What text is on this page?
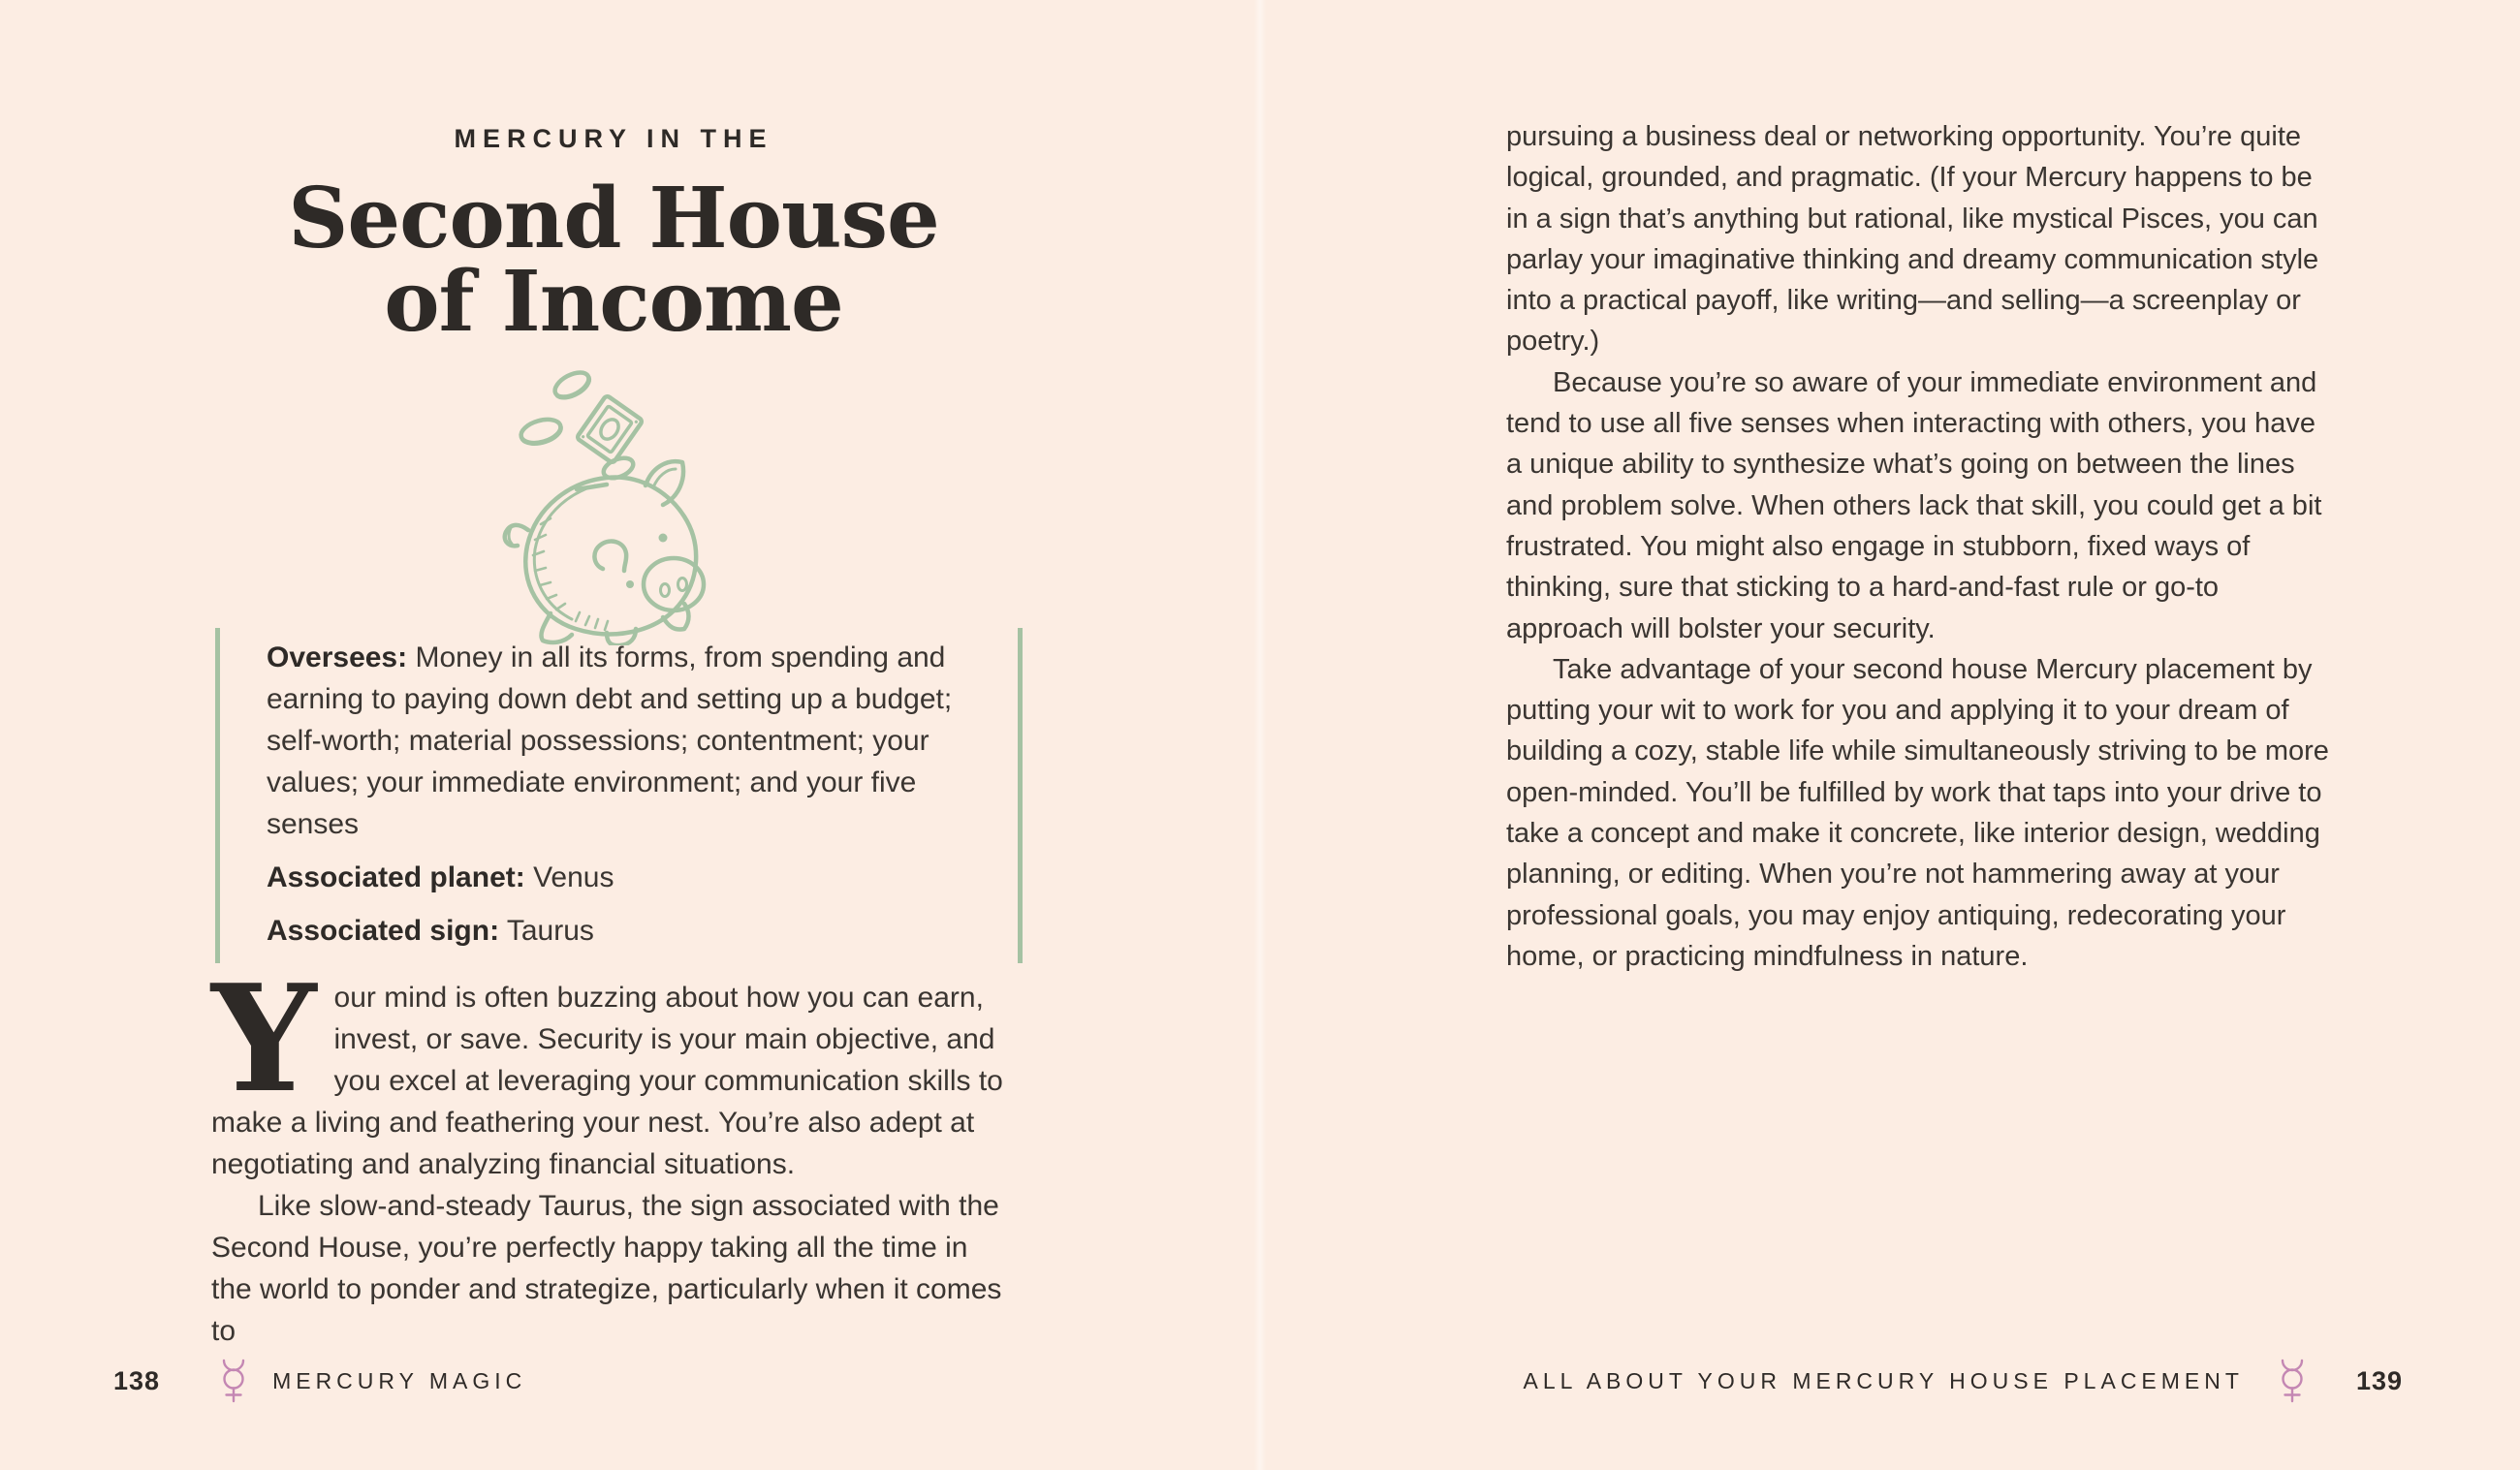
MERCURY IN THE
Second House
of Income

Oversees: Money in all its forms, from spending and earning to paying down debt and setting up a budget; self-worth; material possessions; contentment; your values; your immediate environment; and your five senses

Associated planet: Venus

Associated sign: Taurus

Your mind is often buzzing about how you can earn, invest, or save. Security is your main objective, and you excel at leveraging your communication skills to make a living and feathering your nest. You’re also adept at negotiating and analyzing financial situations.

Like slow-and-steady Taurus, the sign associated with the Second House, you’re perfectly happy taking all the time in the world to ponder and strategize, particularly when it comes to

138	MERCURY MAGIC

pursuing a business deal or networking opportunity. You’re quite logical, grounded, and pragmatic. (If your Mercury happens to be in a sign that’s anything but rational, like mystical Pisces, you can parlay your imaginative thinking and dreamy communication style into a practical payoff, like writing—and selling—a screenplay or poetry.)

Because you’re so aware of your immediate environment and tend to use all five senses when interacting with others, you have a unique ability to synthesize what’s going on between the lines and problem solve. When others lack that skill, you could get a bit frustrated. You might also engage in stubborn, fixed ways of thinking, sure that sticking to a hard-and-fast rule or go-to approach will bolster your security.

Take advantage of your second house Mercury placement by putting your wit to work for you and applying it to your dream of building a cozy, stable life while simultaneously striving to be more open-minded. You’ll be fulfilled by work that taps into your drive to take a concept and make it concrete, like interior design, wedding planning, or editing. When you’re not hammering away at your professional goals, you may enjoy antiquing, redecorating your home, or practicing mindfulness in nature.

ALL ABOUT YOUR MERCURY HOUSE PLACEMENT	139
